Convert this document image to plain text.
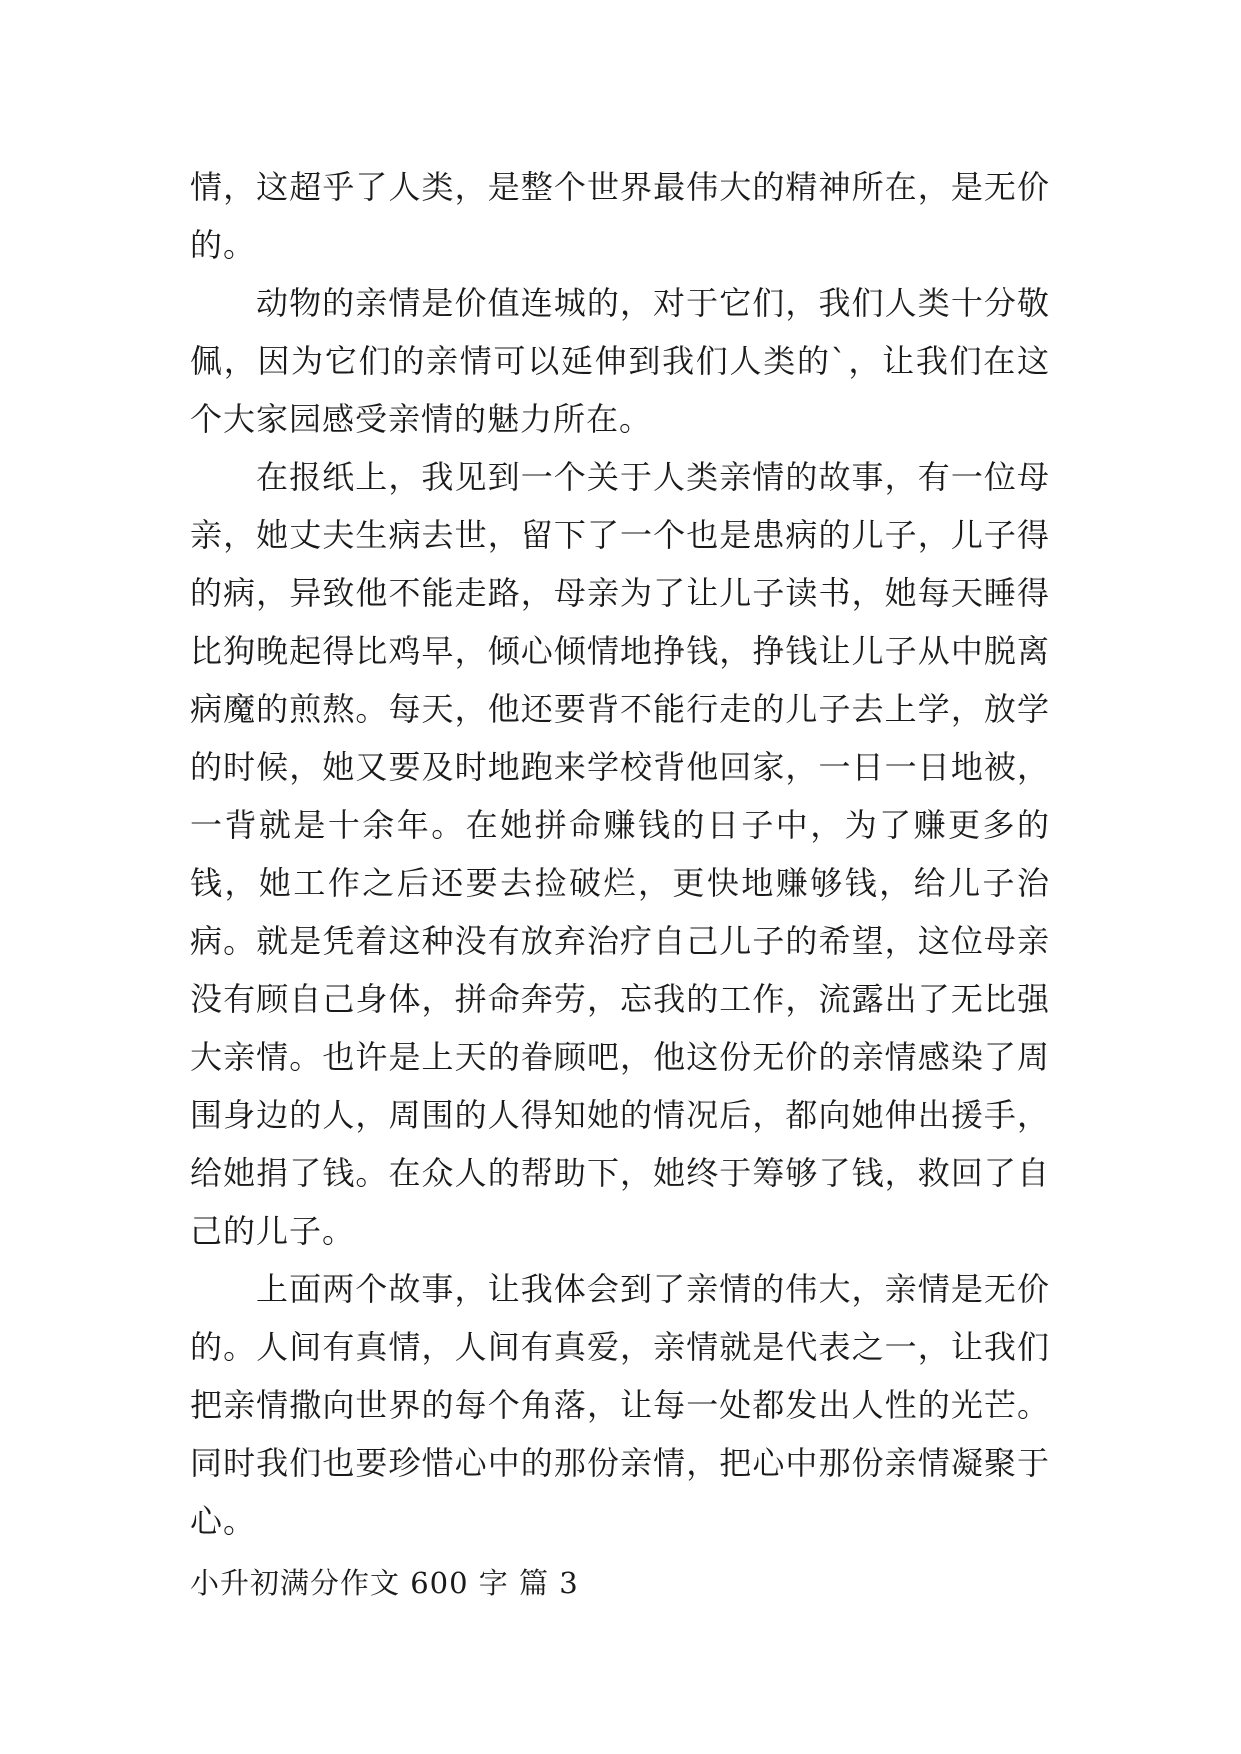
情，这超乎了人类，是整个世界最伟大的精神所在，是无价的。

动物的亲情是价值连城的，对于它们，我们人类十分敬佩，因为它们的亲情可以延伸到我们人类的`，让我们在这个大家园感受亲情的魅力所在。

在报纸上，我见到一个关于人类亲情的故事，有一位母亲，她丈夫生病去世，留下了一个也是患病的儿子，儿子得的病，异致他不能走路，母亲为了让儿子读书，她每天睡得比狗晚起得比鸡早，倾心倾情地挣钱，挣钱让儿子从中脱离病魔的煎熬。每天，他还要背不能行走的儿子去上学，放学的时候，她又要及时地跑来学校背他回家，一日一日地被，一背就是十余年。在她拼命赚钱的日子中，为了赚更多的钱，她工作之后还要去捡破烂，更快地赚够钱，给儿子治病。就是凭着这种没有放弃治疗自己儿子的希望，这位母亲没有顾自己身体，拼命奔劳，忘我的工作，流露出了无比强大亲情。也许是上天的眷顾吧，他这份无价的亲情感染了周围身边的人，周围的人得知她的情况后，都向她伸出援手，给她捐了钱。在众人的帮助下，她终于筹够了钱，救回了自己的儿子。

上面两个故事，让我体会到了亲情的伟大，亲情是无价的。人间有真情，人间有真爱，亲情就是代表之一，让我们把亲情撒向世界的每个角落，让每一处都发出人性的光芒。同时我们也要珍惜心中的那份亲情，把心中那份亲情凝聚于心。

小升初满分作文 600 字 篇 3
